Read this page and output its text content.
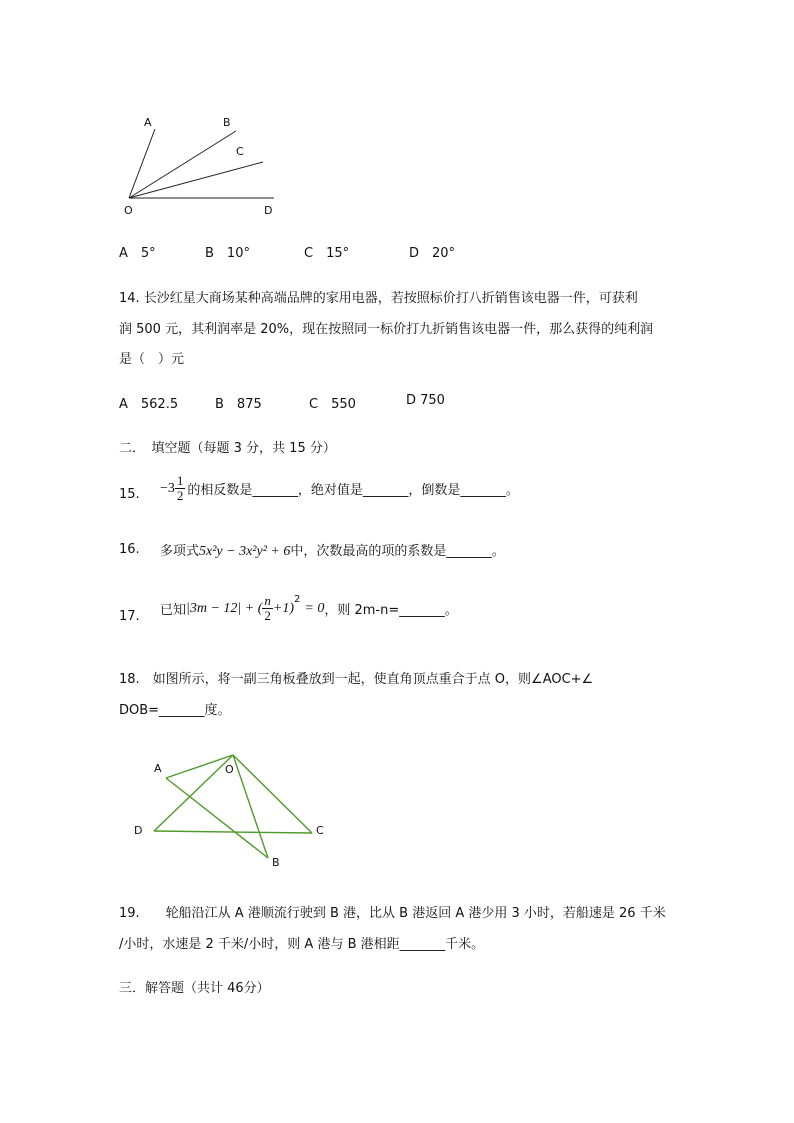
A	B
C
O	D
A　5°	B　10°	C　15°	D　20°
14. 长沙红星大商场某种高端品牌的家用电器，若按照标价打八折销售该电器一件，可获利
润 500 元，其利润率是 20%，现在按照同一标价打九折销售该电器一件，那么获得的纯利润
是（　）元
A　562.5	B　875	C　550	D 750
二．　填空题（每题 3 分，共 15 分）
15. $-3 \frac{1}{2}$ 的相反数是_______，绝对值是_______，倒数是_______。
16. 多项式5x²y − 3x²y² + 6中，次数最高的项的系数是_______。
17. 已知 |3m − 12| + ( $\frac{n}{2} +1$)
$^2$
= 0 ，则 2m-n=_______。
18.　如图所示，将一副三角板叠放到一起，使直角顶点重合于点 O，则∠AOC+∠
DOB=_______度。
A	O
D	C
B
19.　　轮船沿江从 A 港顺流行驶到 B 港，比从 B 港返回 A 港少用 3 小时，若船速是 26 千米
/小时，水速是 2 千米/小时，则 A 港与 B 港相距_______千米。
三．解答题（共计 46分）
